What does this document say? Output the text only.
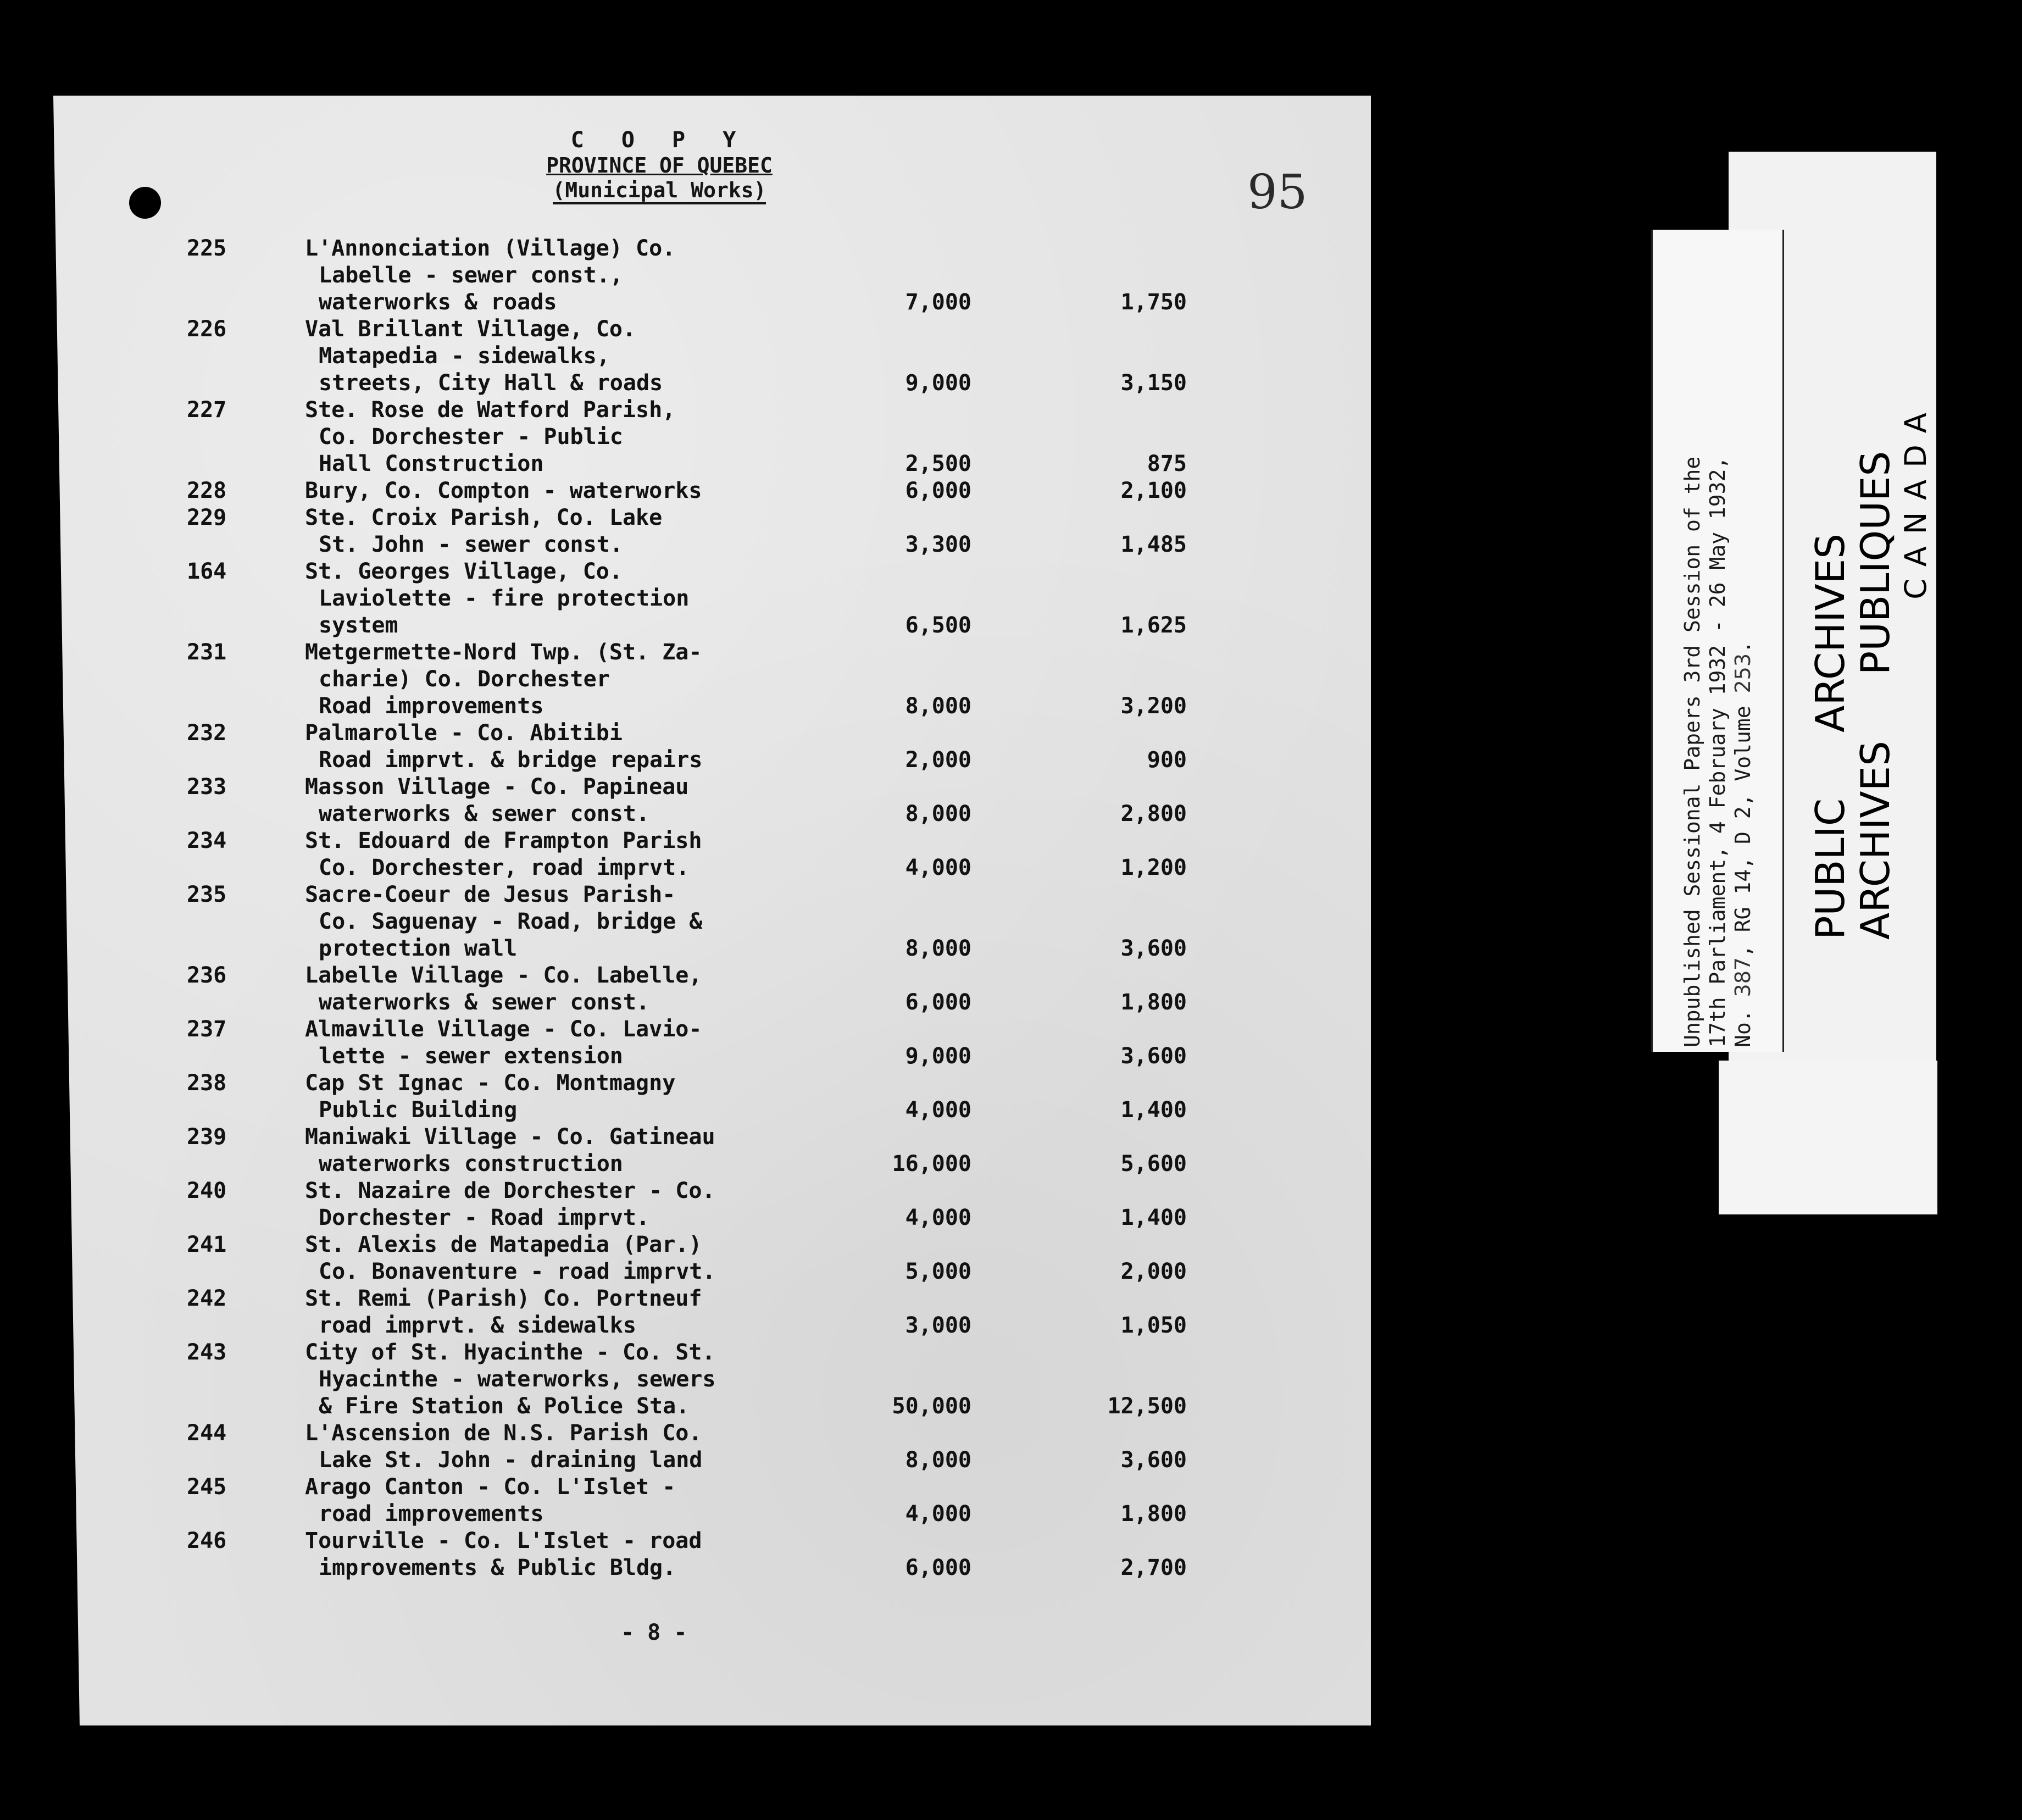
C O P Y
PROVINCE OF QUEBEC
(Municipal Works)	95
225	L'Annonciation (Village) Co.
Labelle - sewer const.,
waterworks & roads	7,000	1,750
226	Val Brillant Village, Co.
Matapedia - sidewalks,
streets, City Hall & roads	9,000	3,150
227	Ste. Rose de Watford Parish,
Co. Dorchester - Public
Hall Construction	2,500	875
228	Bury, Co. Compton - waterworks	6,000	2,100
229	Ste. Croix Parish, Co. Lake
St. John - sewer const.	3,300	1,485
164	St. Georges Village, Co.
Laviolette - fire protection
system	6,500	1,625
231	Metgermette-Nord Twp. (St. Za-
charie) Co. Dorchester
Road improvements	8,000	3,200
232	Palmarolle - Co. Abitibi
Road imprvt. & bridge repairs	2,000	900
233	Masson Village - Co. Papineau
waterworks & sewer const.	8,000	2,800
234	St. Edouard de Frampton Parish
Co. Dorchester, road imprvt.	4,000	1,200
235	Sacre-Coeur de Jesus Parish-
Co. Saguenay - Road, bridge &
protection wall	8,000	3,600
236	Labelle Village - Co. Labelle,
waterworks & sewer const.	6,000	1,800
237	Almaville Village - Co. Lavio-
lette - sewer extension	9,000	3,600
238	Cap St Ignac - Co. Montmagny
Public Building	4,000	1,400
239	Maniwaki Village - Co. Gatineau
waterworks construction	16,000	5,600
240	St. Nazaire de Dorchester - Co.
Dorchester - Road imprvt.	4,000	1,400
241	St. Alexis de Matapedia (Par.)
Co. Bonaventure - road imprvt.	5,000	2,000
242	St. Remi (Parish) Co. Portneuf
road imprvt. & sidewalks	3,000	1,050
243	City of St. Hyacinthe - Co. St.
Hyacinthe - waterworks, sewers
& Fire Station & Police Sta.	50,000	12,500
244	L'Ascension de N.S. Parish Co.
Lake St. John - draining land	8,000	3,600
245	Arago Canton - Co. L'Islet -
road improvements	4,000	1,800
246	Tourville - Co. L'Islet - road
improvements & Public Bldg.	6,000	2,700
- 8 -
Unpublished Sessional Papers 3rd Session of the 17th Parliament, 4 February 1932 - 26 May 1932, No. 387, RG 14, D 2, Volume 253.
PUBLICARCHIVES
ARCHIVESPUBLIQUES CANADA
